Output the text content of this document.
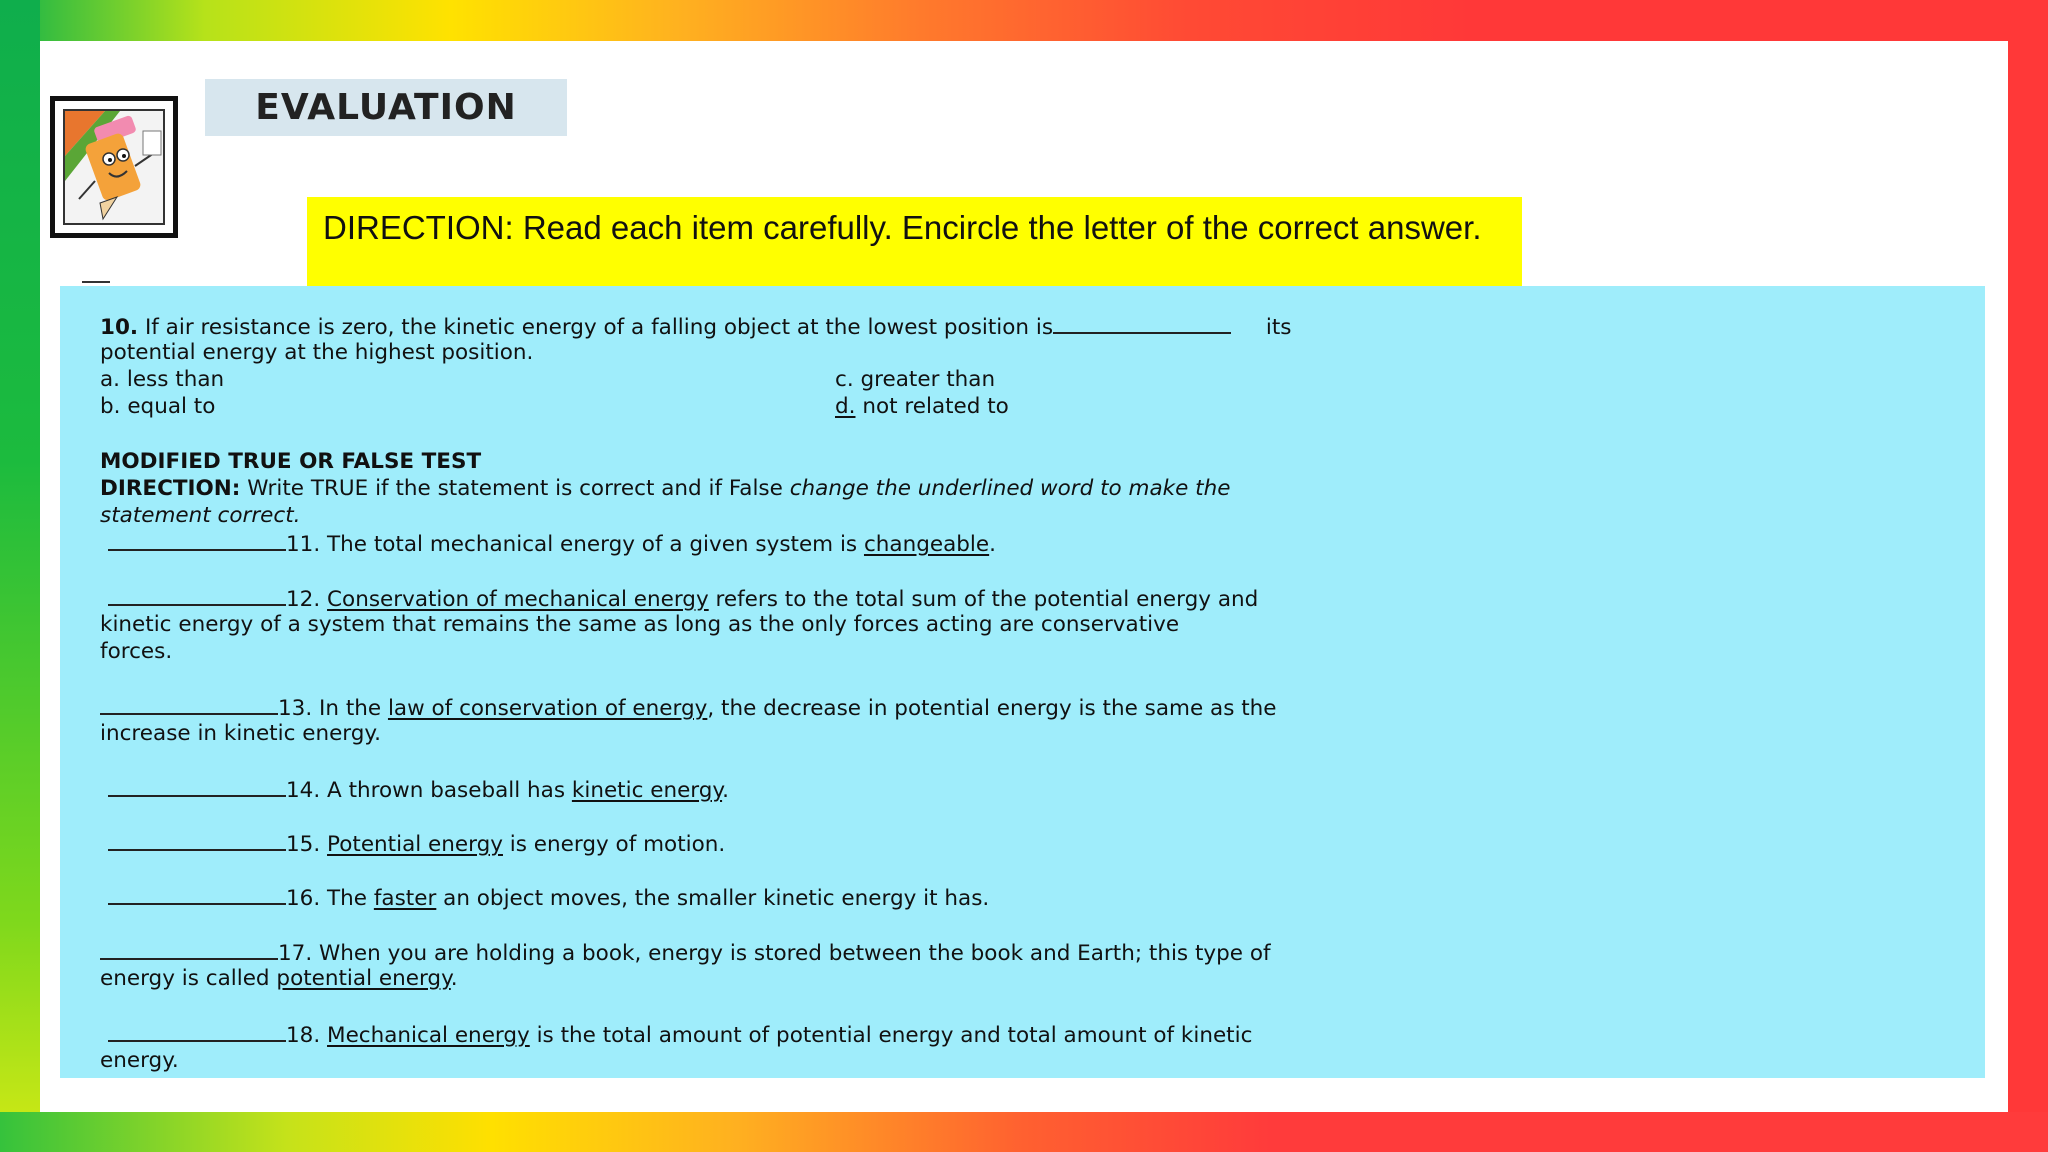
EVALUATION
DIRECTION: Read each item carefully. Encircle the letter of the correct answer.
10. If air resistance is zero, the kinetic energy of a falling object at the lowest position is	its
potential energy at the highest position.
a. less than	c. greater than
b. equal to	d. not related to
MODIFIED TRUE OR FALSE TEST
DIRECTION: Write TRUE if the statement is correct and if False change the underlined word to make the
statement correct.
11. The total mechanical energy of a given system is changeable.
12. Conservation of mechanical energy refers to the total sum of the potential energy and
kinetic energy of a system that remains the same as long as the only forces acting are conservative
forces.
13. In the law of conservation of energy, the decrease in potential energy is the same as the
increase in kinetic energy.
14. A thrown baseball has kinetic energy.
15. Potential energy is energy of motion.
16. The faster an object moves, the smaller kinetic energy it has.
17. When you are holding a book, energy is stored between the book and Earth; this type of
energy is called potential energy.
18. Mechanical energy is the total amount of potential energy and total amount of kinetic
energy.
